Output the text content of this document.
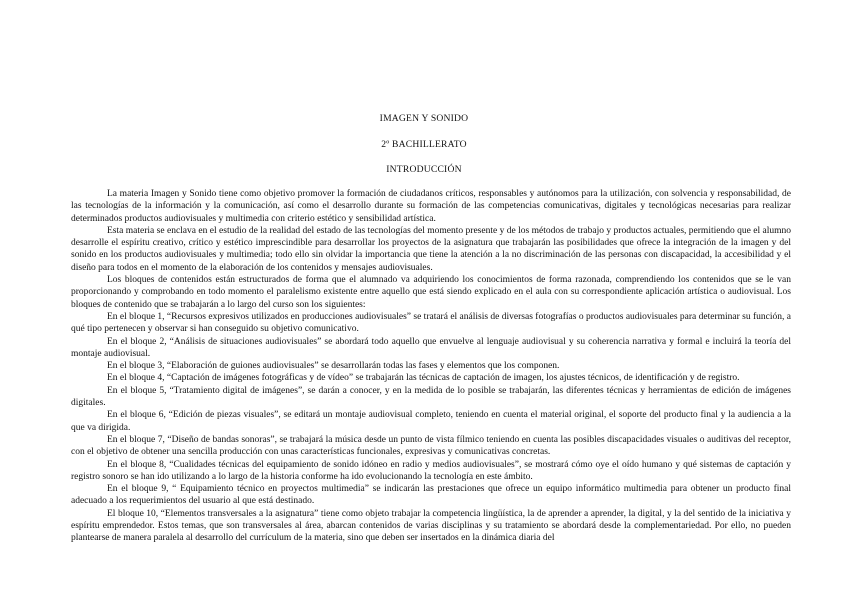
IMAGEN Y SONIDO
2º BACHILLERATO
INTRODUCCIÓN

La materia Imagen y Sonido tiene como objetivo promover la formación de ciudadanos críticos, responsables y autónomos para la utilización, con solvencia y responsabilidad, de las tecnologías de la información y la comunicación, así como el desarrollo durante su formación de las competencias comunicativas, digitales y tecnológicas necesarias para realizar determinados productos audiovisuales y multimedia con criterio estético y sensibilidad artística.

Esta materia se enclava en el estudio de la realidad del estado de las tecnologías del momento presente y de los métodos de trabajo y productos actuales, permitiendo que el alumno desarrolle el espíritu creativo, crítico y estético imprescindible para desarrollar los proyectos de la asignatura que trabajarán las posibilidades que ofrece la integración de la imagen y del sonido en los productos audiovisuales y multimedia; todo ello sin olvidar la importancia que tiene la atención a la no discriminación de las personas con discapacidad, la accesibilidad y el diseño para todos en el momento de la elaboración de los contenidos y mensajes audiovisuales.

Los bloques de contenidos están estructurados de forma que el alumnado va adquiriendo los conocimientos de forma razonada, comprendiendo los contenidos que se le van proporcionando y comprobando en todo momento el paralelismo existente entre aquello que está siendo explicado en el aula con su correspondiente aplicación artística o audiovisual. Los bloques de contenido que se trabajarán a lo largo del curso son los siguientes:

En el bloque 1, “Recursos expresivos utilizados en producciones audiovisuales” se tratará el análisis de diversas fotografías o productos audiovisuales para determinar su función, a qué tipo pertenecen y observar si han conseguido su objetivo comunicativo.

En el bloque 2, “Análisis de situaciones audiovisuales” se abordará todo aquello que envuelve al lenguaje audiovisual y su coherencia narrativa y formal e incluirá la teoría del montaje audiovisual.

En el bloque 3, “Elaboración de guiones audiovisuales” se desarrollarán todas las fases y elementos que los componen.

En el bloque 4, “Captación de imágenes fotográficas y de vídeo” se trabajarán las técnicas de captación de imagen, los ajustes técnicos, de identificación y de registro.

En el bloque 5, “Tratamiento digital de imágenes”, se darán a conocer, y en la medida de lo posible se trabajarán, las diferentes técnicas y herramientas de edición de imágenes digitales.

En el bloque 6, “Edición de piezas visuales”, se editará un montaje audiovisual completo, teniendo en cuenta el material original, el soporte del producto final y la audiencia a la que va dirigida.

En el bloque 7, “Diseño de bandas sonoras”, se trabajará la música desde un punto de vista fílmico teniendo en cuenta las posibles discapacidades visuales o auditivas del receptor, con el objetivo de obtener una sencilla producción con unas características funcionales, expresivas y comunicativas concretas.

En el bloque 8, “Cualidades técnicas del equipamiento de sonido idóneo en radio y medios audiovisuales”, se mostrará cómo oye el oído humano y qué sistemas de captación y registro sonoro se han ido utilizando a lo largo de la historia conforme ha ido evolucionando la tecnología en este ámbito.

En el bloque 9, “ Equipamiento técnico en proyectos multimedia” se indicarán las prestaciones que ofrece un equipo informático multimedia para obtener un producto final adecuado a los requerimientos del usuario al que está destinado.

El bloque 10, “Elementos transversales a la asignatura” tiene como objeto trabajar la competencia lingüística, la de aprender a aprender, la digital, y la del sentido de la iniciativa y espíritu emprendedor. Estos temas, que son transversales al área, abarcan contenidos de varias disciplinas y su tratamiento se abordará desde la complementariedad. Por ello, no pueden plantearse de manera paralela al desarrollo del currículum de la materia, sino que deben ser insertados en la dinámica diaria del
